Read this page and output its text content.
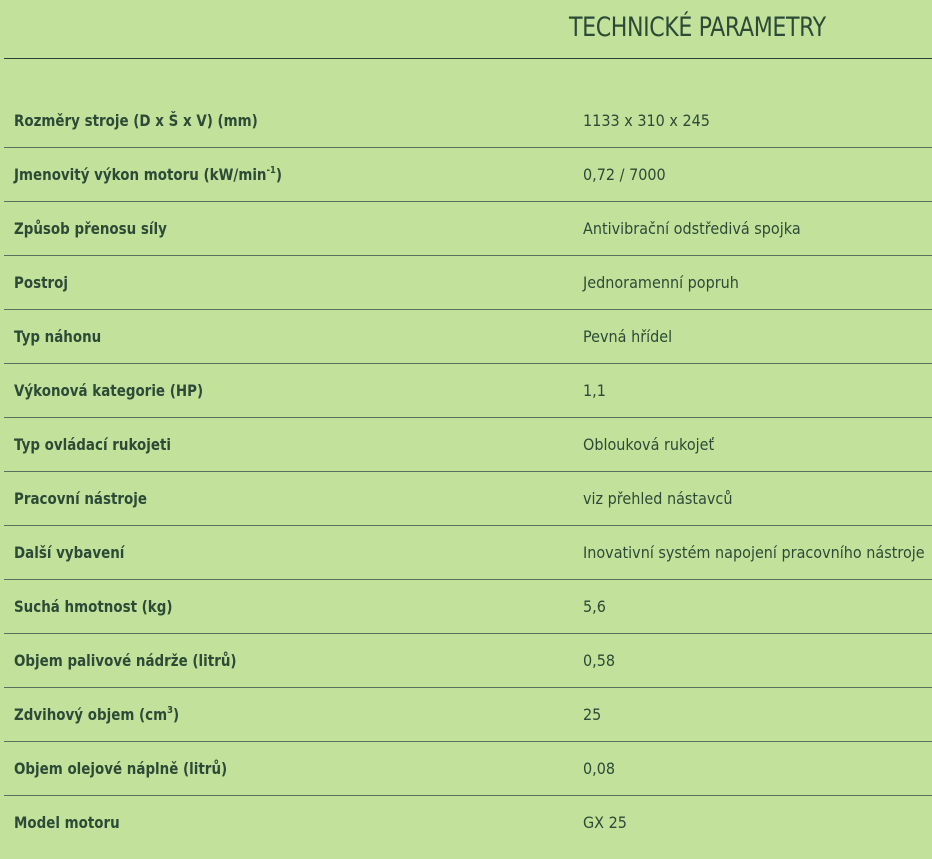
TECHNICKÉ PARAMETRY
Rozměry stroje (D x Š x V) (mm)	1133 x 310 x 245
Jmenovitý výkon motoru $(kW/\min^{-1})$	0,72 / 7000
Způsob přenosu síly	Antivibrační odstředivá spojka
Postroj	Jednoramenní popruh
Typ náhonu	Pevná hřídel
Výkonová kategorie (HP)	1,1
Typ ovládací rukojeti	Oblouková rukojeť
Pracovní nástroje	viz přehled nástavců
Další vybavení	Inovativní systém napojení pracovního nástroje
Suchá hmotnost (kg)	5,6
Objem palivové nádrže (litrů)	0,58
Zdvihový objem $(cm^3)$	25
Objem olejové náplně (litrů)	0,08
Model motoru	GX 25
